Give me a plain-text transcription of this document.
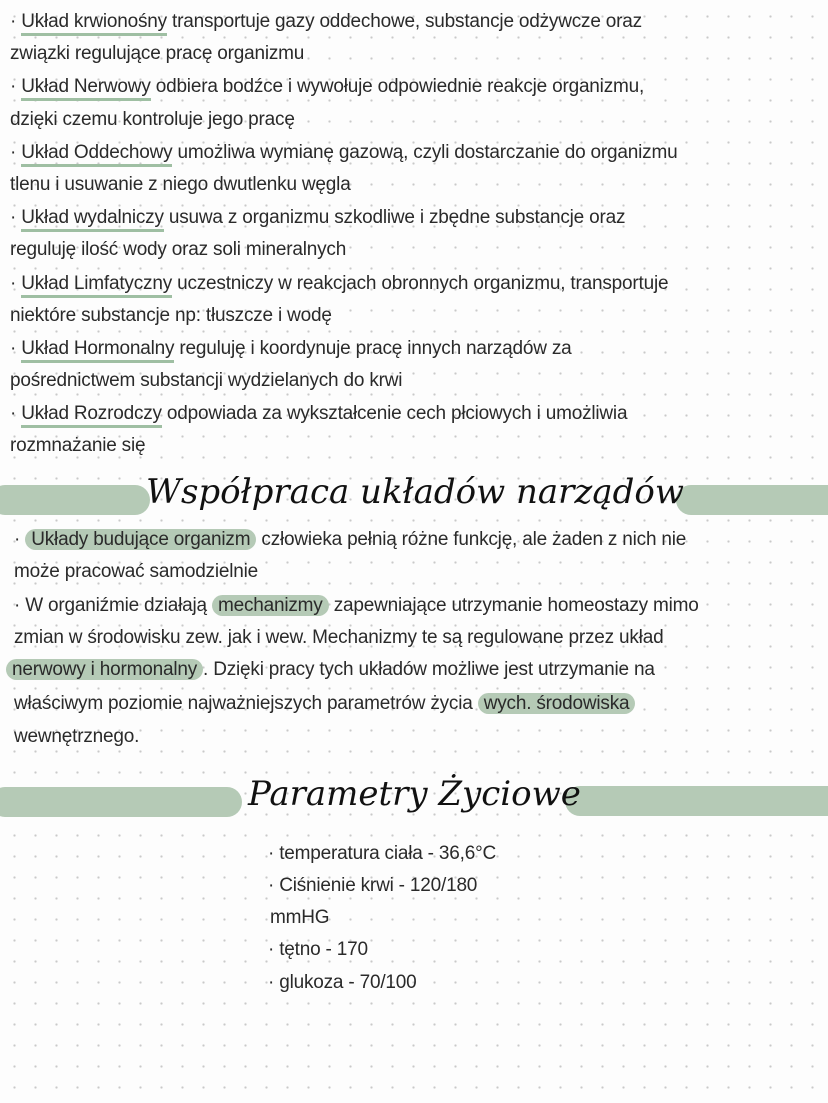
· Układ krwionośny transportuje gazy oddechowe, substancje odżywcze oraz
związki regulujące pracę organizmu
· Układ Nerwowy odbiera bodźce i wywołuje odpowiednie reakcje organizmu,
dzięki czemu kontroluje jego pracę
· Układ Oddechowy umożliwa wymianę gazową, czyli dostarczanie do organizmu
tlenu i usuwanie z niego dwutlenku węgla
· Układ wydalniczy usuwa z organizmu szkodliwe i zbędne substancje oraz
reguluję ilość wody oraz soli mineralnych
· Układ Limfatyczny uczestniczy w reakcjach obronnych organizmu, transportuje
niektóre substancje np: tłuszcze i wodę
· Układ Hormonalny reguluję i koordynuje pracę innych narządów za
pośrednictwem substancji wydzielanych do krwi
· Układ Rozrodczy odpowiada za wykształcenie cech płciowych i umożliwia
rozmnażanie się
Współpraca układów narządów
· Układy budujące organizm człowieka pełnią różne funkcję, ale żaden z nich nie
może pracować samodzielnie
· W organiźmie działają mechanizmy zapewniające utrzymanie homeostazy mimo
zmian w środowisku zew. jak i wew. Mechanizmy te są regulowane przez układ
nerwowy i hormonalny . Dzięki pracy tych układów możliwe jest utrzymanie na
właściwym poziomie najważniejszych parametrów życia wych. środowiska
wewnętrznego.
Parametry Życiowe
· temperatura ciała - 36,6°C
· Ciśnienie krwi - 120/180
mmHG
· tętno - 170
· glukoza - 70/100
